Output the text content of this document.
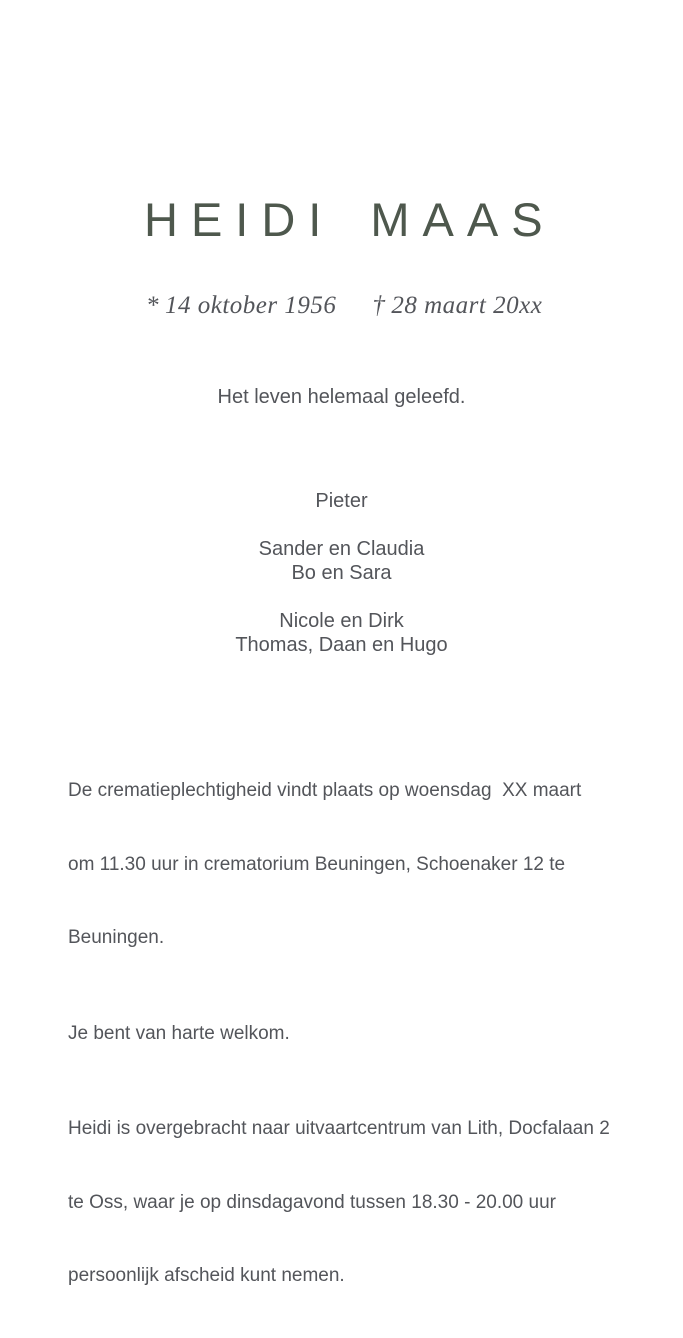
HEIDI MAAS
* 14 oktober 1956 † 28 maart 20xx
Het leven helemaal geleefd.
Pieter
Sander en Claudia
Bo en Sara
Nicole en Dirk
Thomas, Daan en Hugo

De crematieplechtigheid vindt plaats op woensdag  XX maart

om 11.30 uur in crematorium Beuningen, Schoenaker 12 te

Beuningen.

Je bent van harte welkom.

Heidi is overgebracht naar uitvaartcentrum van Lith, Docfalaan 2

te Oss, waar je op dinsdagavond tussen 18.30 - 20.00 uur

persoonlijk afscheid kunt nemen.
